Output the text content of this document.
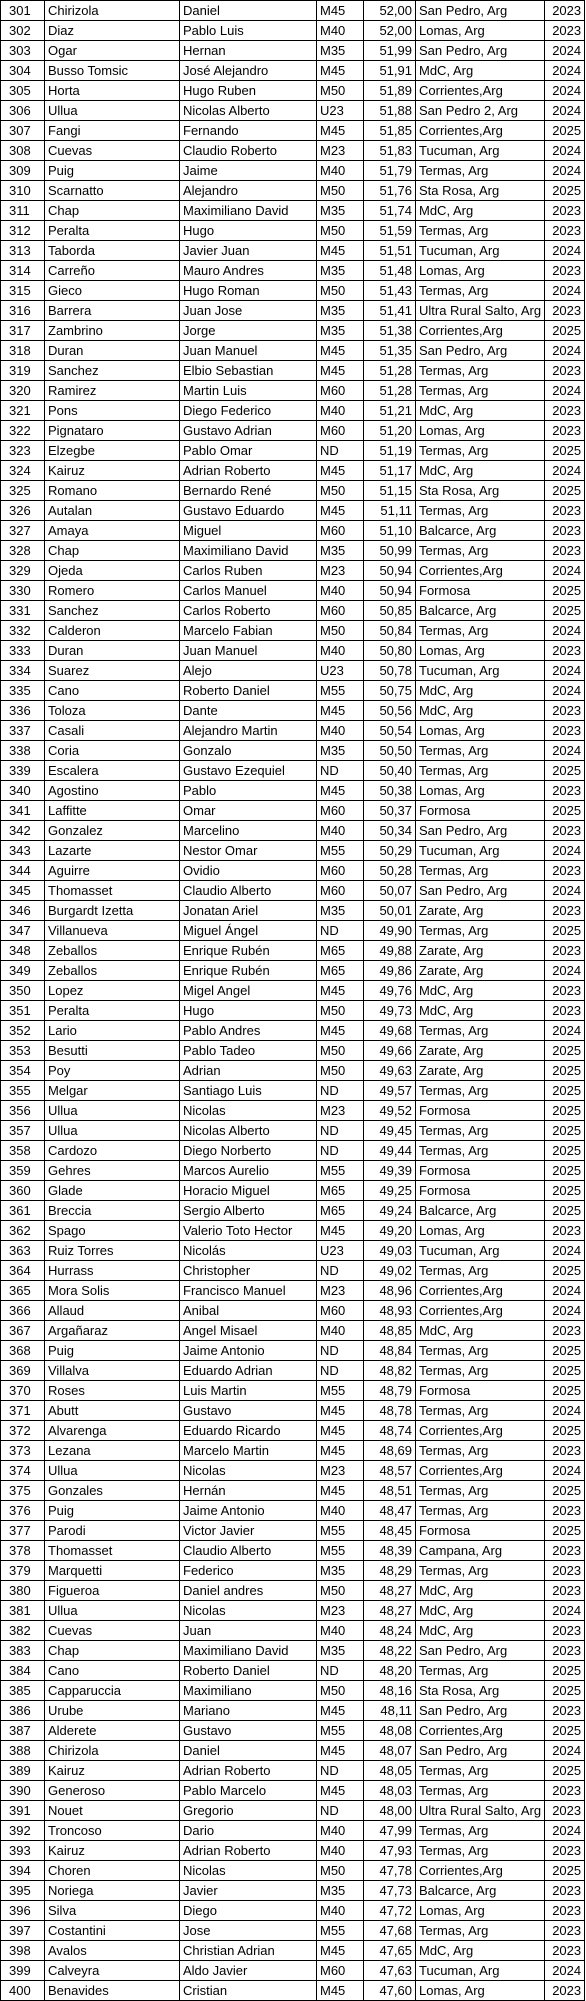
301	Chirizola	Daniel	M45	52,00	San Pedro, Arg	2023
302	Diaz	Pablo Luis	M40	52,00	Lomas, Arg	2023
303	Ogar	Hernan	M35	51,99	San Pedro, Arg	2024
304	Busso Tomsic	José Alejandro	M45	51,91	MdC, Arg	2024
305	Horta	Hugo Ruben	M50	51,89	Corrientes,Arg	2024
306	Ullua	Nicolas Alberto	U23	51,88	San Pedro 2, Arg	2024
307	Fangi	Fernando	M45	51,85	Corrientes,Arg	2025
308	Cuevas	Claudio Roberto	M23	51,83	Tucuman, Arg	2024
309	Puig	Jaime	M40	51,79	Termas, Arg	2024
310	Scarnatto	Alejandro	M50	51,76	Sta Rosa, Arg	2025
311	Chap	Maximiliano David	M35	51,74	MdC, Arg	2023
312	Peralta	Hugo	M50	51,59	Termas, Arg	2023
313	Taborda	Javier Juan	M45	51,51	Tucuman, Arg	2024
314	Carreño	Mauro Andres	M35	51,48	Lomas, Arg	2023
315	Gieco	Hugo Roman	M50	51,43	Termas, Arg	2024
316	Barrera	Juan Jose	M35	51,41	Ultra Rural Salto, Arg	2023
317	Zambrino	Jorge	M35	51,38	Corrientes,Arg	2025
318	Duran	Juan Manuel	M45	51,35	San Pedro, Arg	2024
319	Sanchez	Elbio Sebastian	M45	51,28	Termas, Arg	2023
320	Ramirez	Martin Luis	M60	51,28	Termas, Arg	2024
321	Pons	Diego Federico	M40	51,21	MdC, Arg	2023
322	Pignataro	Gustavo Adrian	M60	51,20	Lomas, Arg	2023
323	Elzegbe	Pablo Omar	ND	51,19	Termas, Arg	2025
324	Kairuz	Adrian Roberto	M45	51,17	MdC, Arg	2024
325	Romano	Bernardo René	M50	51,15	Sta Rosa, Arg	2025
326	Autalan	Gustavo Eduardo	M45	51,11	Termas, Arg	2023
327	Amaya	Miguel	M60	51,10	Balcarce, Arg	2023
328	Chap	Maximiliano David	M35	50,99	Termas, Arg	2023
329	Ojeda	Carlos Ruben	M23	50,94	Corrientes,Arg	2024
330	Romero	Carlos Manuel	M40	50,94	Formosa	2025
331	Sanchez	Carlos Roberto	M60	50,85	Balcarce, Arg	2025
332	Calderon	Marcelo Fabian	M50	50,84	Termas, Arg	2024
333	Duran	Juan Manuel	M40	50,80	Lomas, Arg	2023
334	Suarez	Alejo	U23	50,78	Tucuman, Arg	2024
335	Cano	Roberto Daniel	M55	50,75	MdC, Arg	2024
336	Toloza	Dante	M45	50,56	MdC, Arg	2023
337	Casali	Alejandro Martin	M40	50,54	Lomas, Arg	2023
338	Coria	Gonzalo	M35	50,50	Termas, Arg	2024
339	Escalera	Gustavo Ezequiel	ND	50,40	Termas, Arg	2025
340	Agostino	Pablo	M45	50,38	Lomas, Arg	2023
341	Laffitte	Omar	M60	50,37	Formosa	2025
342	Gonzalez	Marcelino	M40	50,34	San Pedro, Arg	2023
343	Lazarte	Nestor Omar	M55	50,29	Tucuman, Arg	2024
344	Aguirre	Ovidio	M60	50,28	Termas, Arg	2023
345	Thomasset	Claudio Alberto	M60	50,07	San Pedro, Arg	2024
346	Burgardt Izetta	Jonatan Ariel	M35	50,01	Zarate, Arg	2023
347	Villanueva	Miguel Ángel	ND	49,90	Termas, Arg	2025
348	Zeballos	Enrique Rubén	M65	49,88	Zarate, Arg	2023
349	Zeballos	Enrique Rubén	M65	49,86	Zarate, Arg	2024
350	Lopez	Migel Angel	M45	49,76	MdC, Arg	2023
351	Peralta	Hugo	M50	49,73	MdC, Arg	2023
352	Lario	Pablo Andres	M45	49,68	Termas, Arg	2024
353	Besutti	Pablo Tadeo	M50	49,66	Zarate, Arg	2025
354	Poy	Adrian	M50	49,63	Zarate, Arg	2025
355	Melgar	Santiago Luis	ND	49,57	Termas, Arg	2025
356	Ullua	Nicolas	M23	49,52	Formosa	2025
357	Ullua	Nicolas Alberto	ND	49,45	Termas, Arg	2025
358	Cardozo	Diego Norberto	ND	49,44	Termas, Arg	2025
359	Gehres	Marcos Aurelio	M55	49,39	Formosa	2025
360	Glade	Horacio Miguel	M65	49,25	Formosa	2025
361	Breccia	Sergio Alberto	M65	49,24	Balcarce, Arg	2025
362	Spago	Valerio Toto Hector	M45	49,20	Lomas, Arg	2023
363	Ruiz Torres	Nicolás	U23	49,03	Tucuman, Arg	2024
364	Hurrass	Christopher	ND	49,02	Termas, Arg	2025
365	Mora Solis	Francisco Manuel	M23	48,96	Corrientes,Arg	2024
366	Allaud	Anibal	M60	48,93	Corrientes,Arg	2024
367	Argañaraz	Angel Misael	M40	48,85	MdC, Arg	2023
368	Puig	Jaime Antonio	ND	48,84	Termas, Arg	2025
369	Villalva	Eduardo Adrian	ND	48,82	Termas, Arg	2025
370	Roses	Luis Martin	M55	48,79	Formosa	2025
371	Abutt	Gustavo	M45	48,78	Termas, Arg	2024
372	Alvarenga	Eduardo Ricardo	M45	48,74	Corrientes,Arg	2025
373	Lezana	Marcelo Martin	M45	48,69	Termas, Arg	2023
374	Ullua	Nicolas	M23	48,57	Corrientes,Arg	2024
375	Gonzales	Hernán	M45	48,51	Termas, Arg	2025
376	Puig	Jaime Antonio	M40	48,47	Termas, Arg	2023
377	Parodi	Victor Javier	M55	48,45	Formosa	2025
378	Thomasset	Claudio Alberto	M55	48,39	Campana, Arg	2023
379	Marquetti	Federico	M35	48,29	Termas, Arg	2023
380	Figueroa	Daniel andres	M50	48,27	MdC, Arg	2023
381	Ullua	Nicolas	M23	48,27	MdC, Arg	2024
382	Cuevas	Juan	M40	48,24	MdC, Arg	2023
383	Chap	Maximiliano David	M35	48,22	San Pedro, Arg	2023
384	Cano	Roberto Daniel	ND	48,20	Termas, Arg	2025
385	Capparuccia	Maximiliano	M50	48,16	Sta Rosa, Arg	2025
386	Urube	Mariano	M45	48,11	San Pedro, Arg	2023
387	Alderete	Gustavo	M55	48,08	Corrientes,Arg	2025
388	Chirizola	Daniel	M45	48,07	San Pedro, Arg	2024
389	Kairuz	Adrian Roberto	ND	48,05	Termas, Arg	2025
390	Generoso	Pablo Marcelo	M45	48,03	Termas, Arg	2023
391	Nouet	Gregorio	ND	48,00	Ultra Rural Salto, Arg	2023
392	Troncoso	Dario	M40	47,99	Termas, Arg	2024
393	Kairuz	Adrian Roberto	M40	47,93	Termas, Arg	2023
394	Choren	Nicolas	M50	47,78	Corrientes,Arg	2025
395	Noriega	Javier	M35	47,73	Balcarce, Arg	2023
396	Silva	Diego	M40	47,72	Lomas, Arg	2023
397	Costantini	Jose	M55	47,68	Termas, Arg	2023
398	Avalos	Christian Adrian	M45	47,65	MdC, Arg	2023
399	Calveyra	Aldo Javier	M60	47,63	Tucuman, Arg	2024
400	Benavides	Cristian	M45	47,60	Lomas, Arg	2023
